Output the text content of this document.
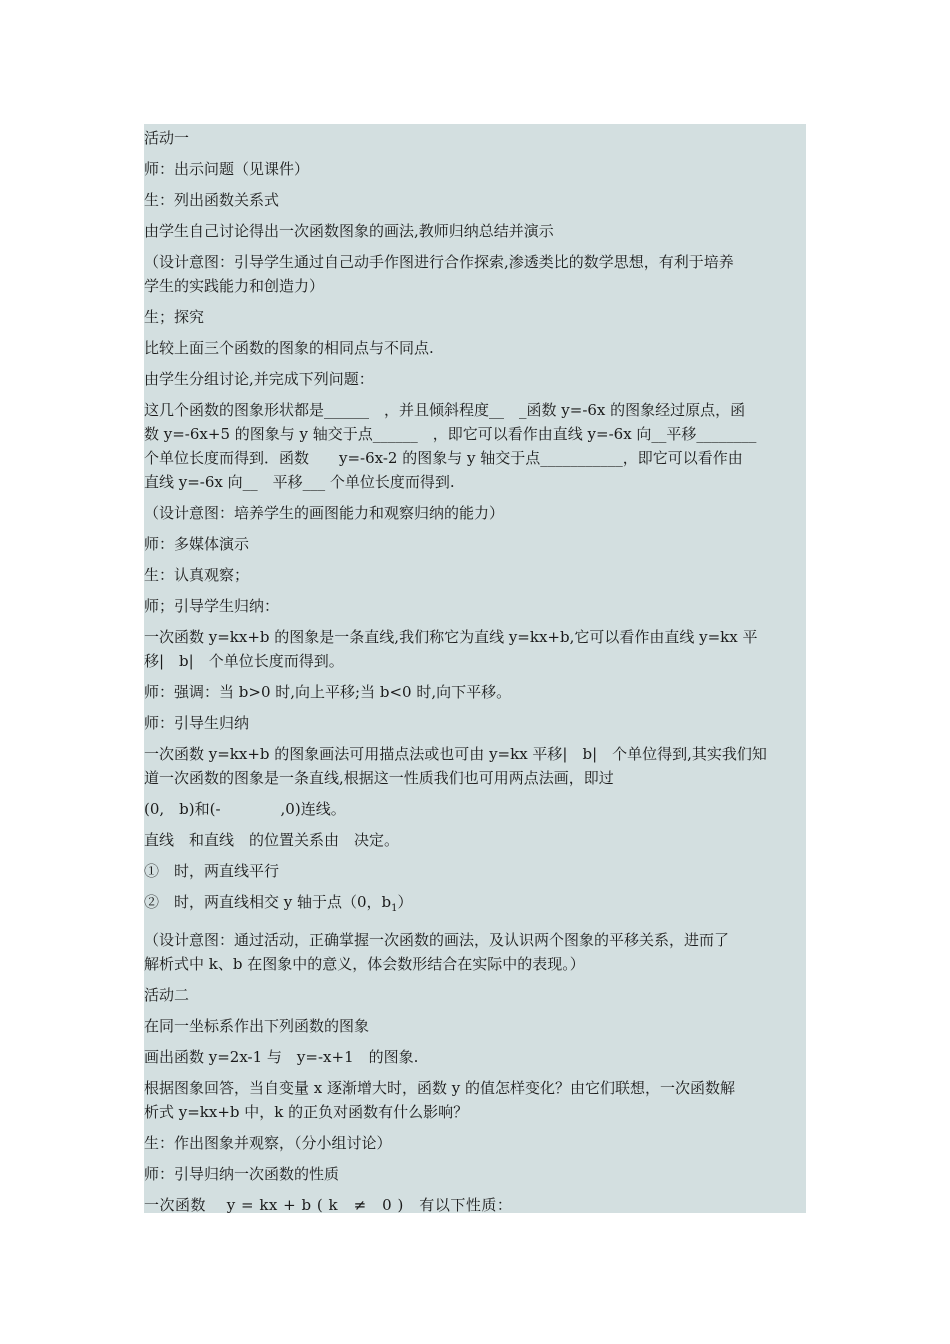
活动一

师：出示问题（见课件）

生：列出函数关系式

由学生自己讨论得出一次函数图象的画法,教师归纳总结并演示

（设计意图：引导学生通过自己动手作图进行合作探索,渗透类比的数学思想，有利于培养

学生的实践能力和创造力）

生；探究

比较上面三个函数的图象的相同点与不同点.

由学生分组讨论,并完成下列问题：

这几个函数的图象形状都是______　，并且倾斜程度__　_函数 y=-6x 的图象经过原点，函

数 y=-6x+5 的图象与 y 轴交于点______　，即它可以看作由直线 y=-6x 向__平移________

个单位长度而得到．函数　　y=-6x-2 的图象与 y 轴交于点___________，即它可以看作由

直线 y=-6x 向__　平移___ 个单位长度而得到.

（设计意图：培养学生的画图能力和观察归纳的能力）

师：多媒体演示

生：认真观察；

师；引导学生归纳：

一次函数 y=kx+b 的图象是一条直线,我们称它为直线 y=kx+b,它可以看作由直线 y=kx 平

移|　b|　个单位长度而得到。

师：强调：当 b>0 时,向上平移;当 b<0 时,向下平移。

师：引导生归纳

一次函数 y=kx+b 的图象画法可用描点法或也可由 y=kx 平移|　b|　个单位得到,其实我们知

道一次函数的图象是一条直线,根据这一性质我们也可用两点法画，即过

(0,　b)和(-　　　　,0)连线。

直线　和直线　的位置关系由　决定。

①　时，两直线平行

②　时，两直线相交 y 轴于点（0，$b_1$）

（设计意图：通过活动，正确掌握一次函数的画法，及认识两个图象的平移关系，进而了

解析式中 k、b 在图象中的意义，体会数形结合在实际中的表现。）

活动二

在同一坐标系作出下列函数的图象

画出函数 y=2x-1 与　y=-x+1　的图象.

根据图象回答，当自变量 x 逐渐增大时，函数 y 的值怎样变化？由它们联想，一次函数解

析式 y=kx+b 中，k 的正负对函数有什么影响？

生：作出图象并观察，（分小组讨论）

师：引导归纳一次函数的性质

一次函数　 y = kx + b ( k　≠　0 )　有以下性质：
